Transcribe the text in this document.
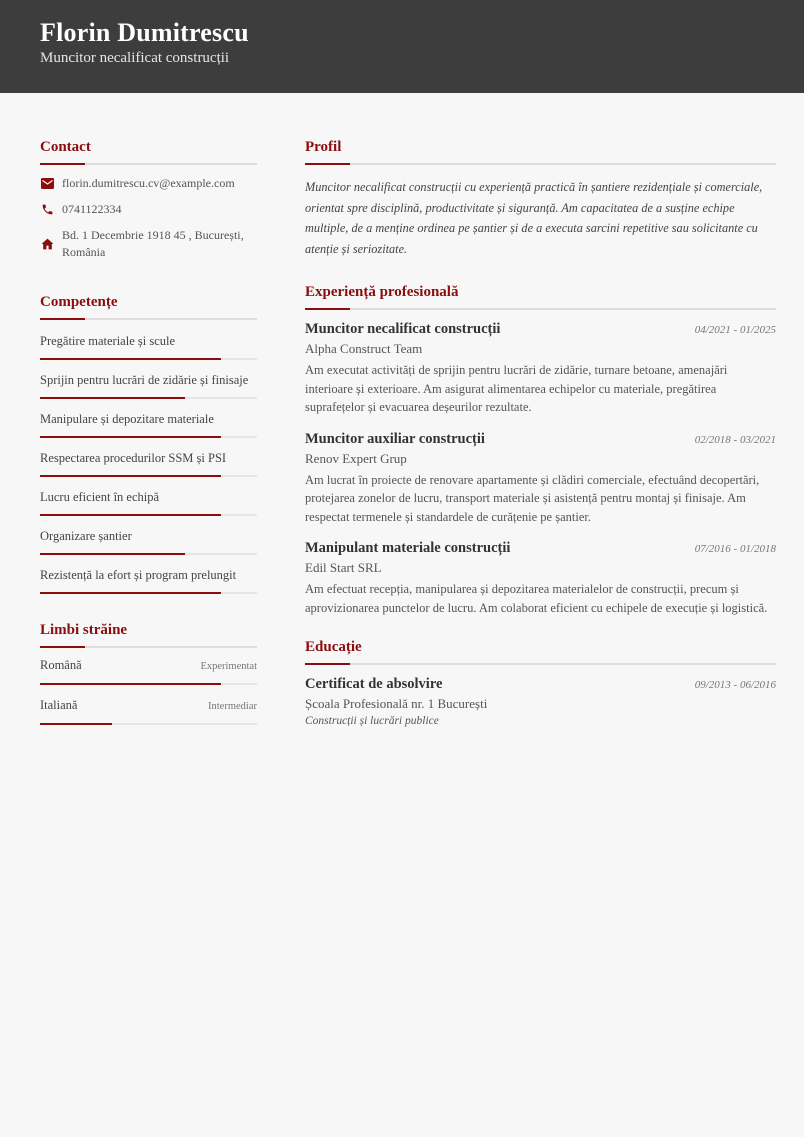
Florin Dumitrescu
Muncitor necalificat construcții
Contact
florin.dumitrescu.cv@example.com
0741122334
Bd. 1 Decembrie 1918 45 , București, România
Competențe
Pregătire materiale și scule
Sprijin pentru lucrări de zidărie și finisaje
Manipulare și depozitare materiale
Respectarea procedurilor SSM și PSI
Lucru eficient în echipă
Organizare șantier
Rezistență la efort și program prelungit
Limbi străine
Română	Experimentat
Italiană	Intermediar
Profil
Muncitor necalificat construcții cu experiență practică în șantiere rezidențiale și comerciale, orientat spre disciplină, productivitate și siguranță. Am capacitatea de a susține echipe multiple, de a menține ordinea pe șantier și de a executa sarcini repetitive sau solicitante cu atenție și seriozitate.
Experiență profesională
Muncitor necalificat construcții	04/2021 - 01/2025
Alpha Construct Team
Am executat activități de sprijin pentru lucrări de zidărie, turnare betoane, amenajări interioare și exterioare. Am asigurat alimentarea echipelor cu materiale, pregătirea suprafețelor și evacuarea deșeurilor rezultate.
Muncitor auxiliar construcții	02/2018 - 03/2021
Renov Expert Grup
Am lucrat în proiecte de renovare apartamente și clădiri comerciale, efectuând decopertări, protejarea zonelor de lucru, transport materiale și asistență pentru montaj și finisaje. Am respectat termenele și standardele de curățenie pe șantier.
Manipulant materiale construcții	07/2016 - 01/2018
Edil Start SRL
Am efectuat recepția, manipularea și depozitarea materialelor de construcții, precum și aprovizionarea punctelor de lucru. Am colaborat eficient cu echipele de execuție și logistică.
Educație
Certificat de absolvire	09/2013 - 06/2016
Școala Profesională nr. 1 București
Construcții și lucrări publice
